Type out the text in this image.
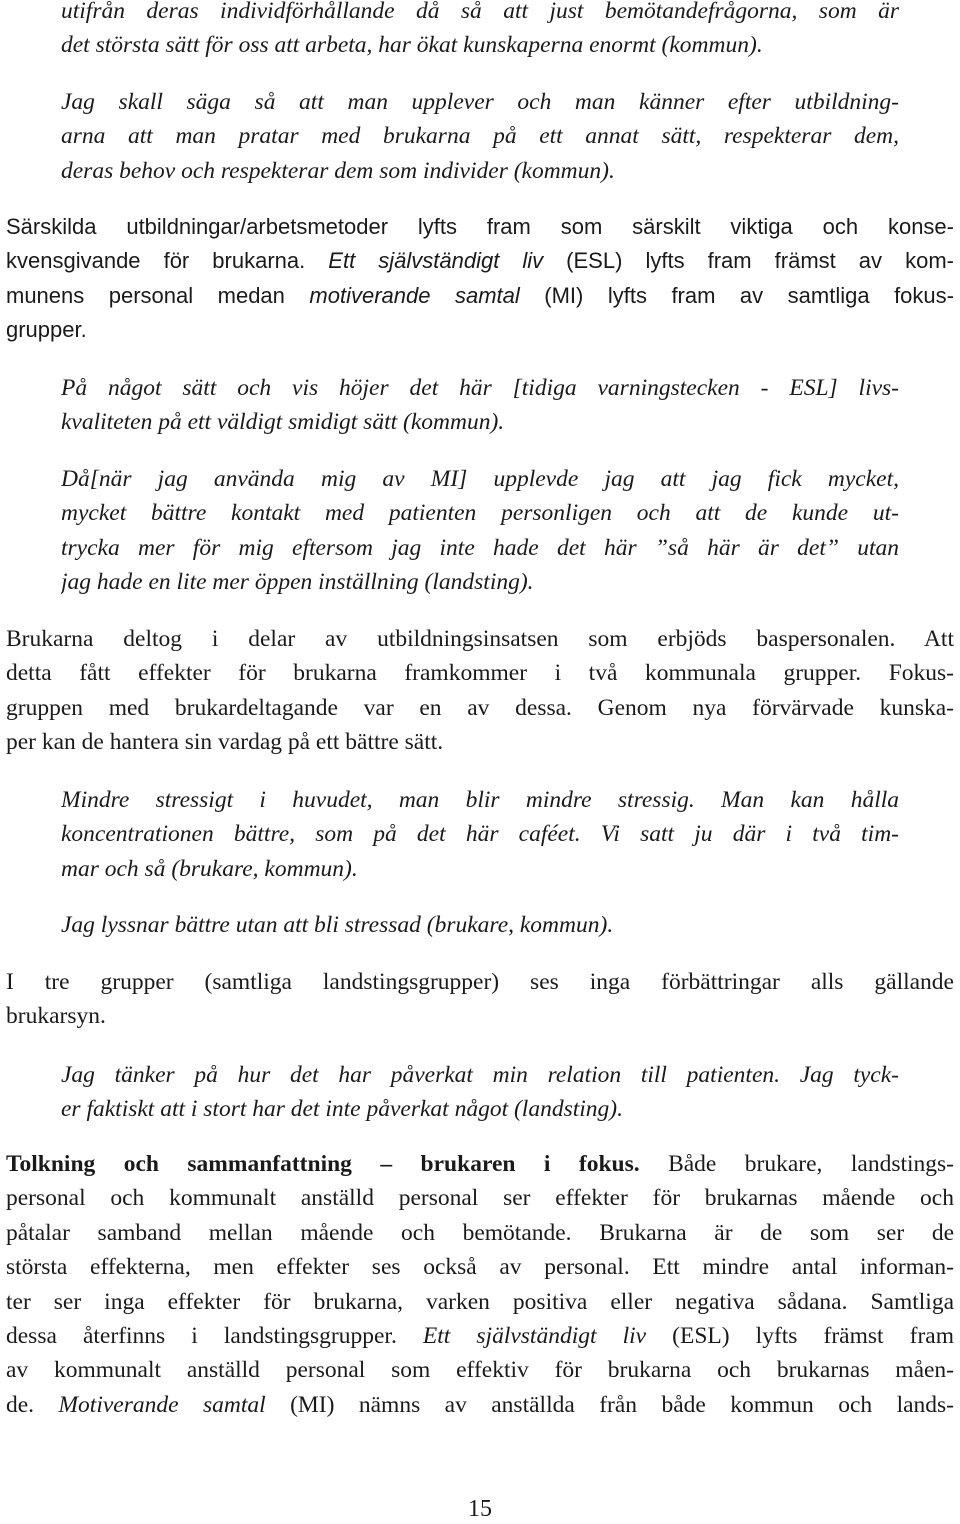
utifrån deras individförhållande då så att just bemötandefrågorna, som är
det största sätt för oss att arbeta, har ökat kunskaperna enormt (kommun).
Jag skall säga så att man upplever och man känner efter utbildning-
arna att man pratar med brukarna på ett annat sätt, respekterar dem,
deras behov och respekterar dem som individer (kommun).
Särskilda utbildningar/arbetsmetoder lyfts fram som särskilt viktiga och konse-
kvensgivande för brukarna. Ett självständigt liv (ESL) lyfts fram främst av kom-
munens personal medan motiverande samtal (MI) lyfts fram av samtliga fokus-
grupper.
På något sätt och vis höjer det här [tidiga varningstecken - ESL] livs-
kvaliteten på ett väldigt smidigt sätt (kommun).
Då[när jag använda mig av MI] upplevde jag att jag fick mycket,
mycket bättre kontakt med patienten personligen och att de kunde ut-
trycka mer för mig eftersom jag inte hade det här ”så här är det” utan
jag hade en lite mer öppen inställning (landsting).
Brukarna deltog i delar av utbildningsinsatsen som erbjöds baspersonalen. Att
detta fått effekter för brukarna framkommer i två kommunala grupper. Fokus-
gruppen med brukardeltagande var en av dessa. Genom nya förvärvade kunska-
per kan de hantera sin vardag på ett bättre sätt.
Mindre stressigt i huvudet, man blir mindre stressig. Man kan hålla
koncentrationen bättre, som på det här caféet. Vi satt ju där i två tim-
mar och så (brukare, kommun).
Jag lyssnar bättre utan att bli stressad (brukare, kommun).
I tre grupper (samtliga landstingsgrupper) ses inga förbättringar alls gällande
brukarsyn.
Jag tänker på hur det har påverkat min relation till patienten. Jag tyck-
er faktiskt att i stort har det inte påverkat något (landsting).
Tolkning och sammanfattning – brukaren i fokus. Både brukare, landstings-
personal och kommunalt anställd personal ser effekter för brukarnas mående och
påtalar samband mellan mående och bemötande. Brukarna är de som ser de
största effekterna, men effekter ses också av personal. Ett mindre antal informan-
ter ser inga effekter för brukarna, varken positiva eller negativa sådana. Samtliga
dessa återfinns i landstingsgrupper. Ett självständigt liv (ESL) lyfts främst fram
av kommunalt anställd personal som effektiv för brukarna och brukarnas måen-
de. Motiverande samtal (MI) nämns av anställda från både kommun och lands-
15
